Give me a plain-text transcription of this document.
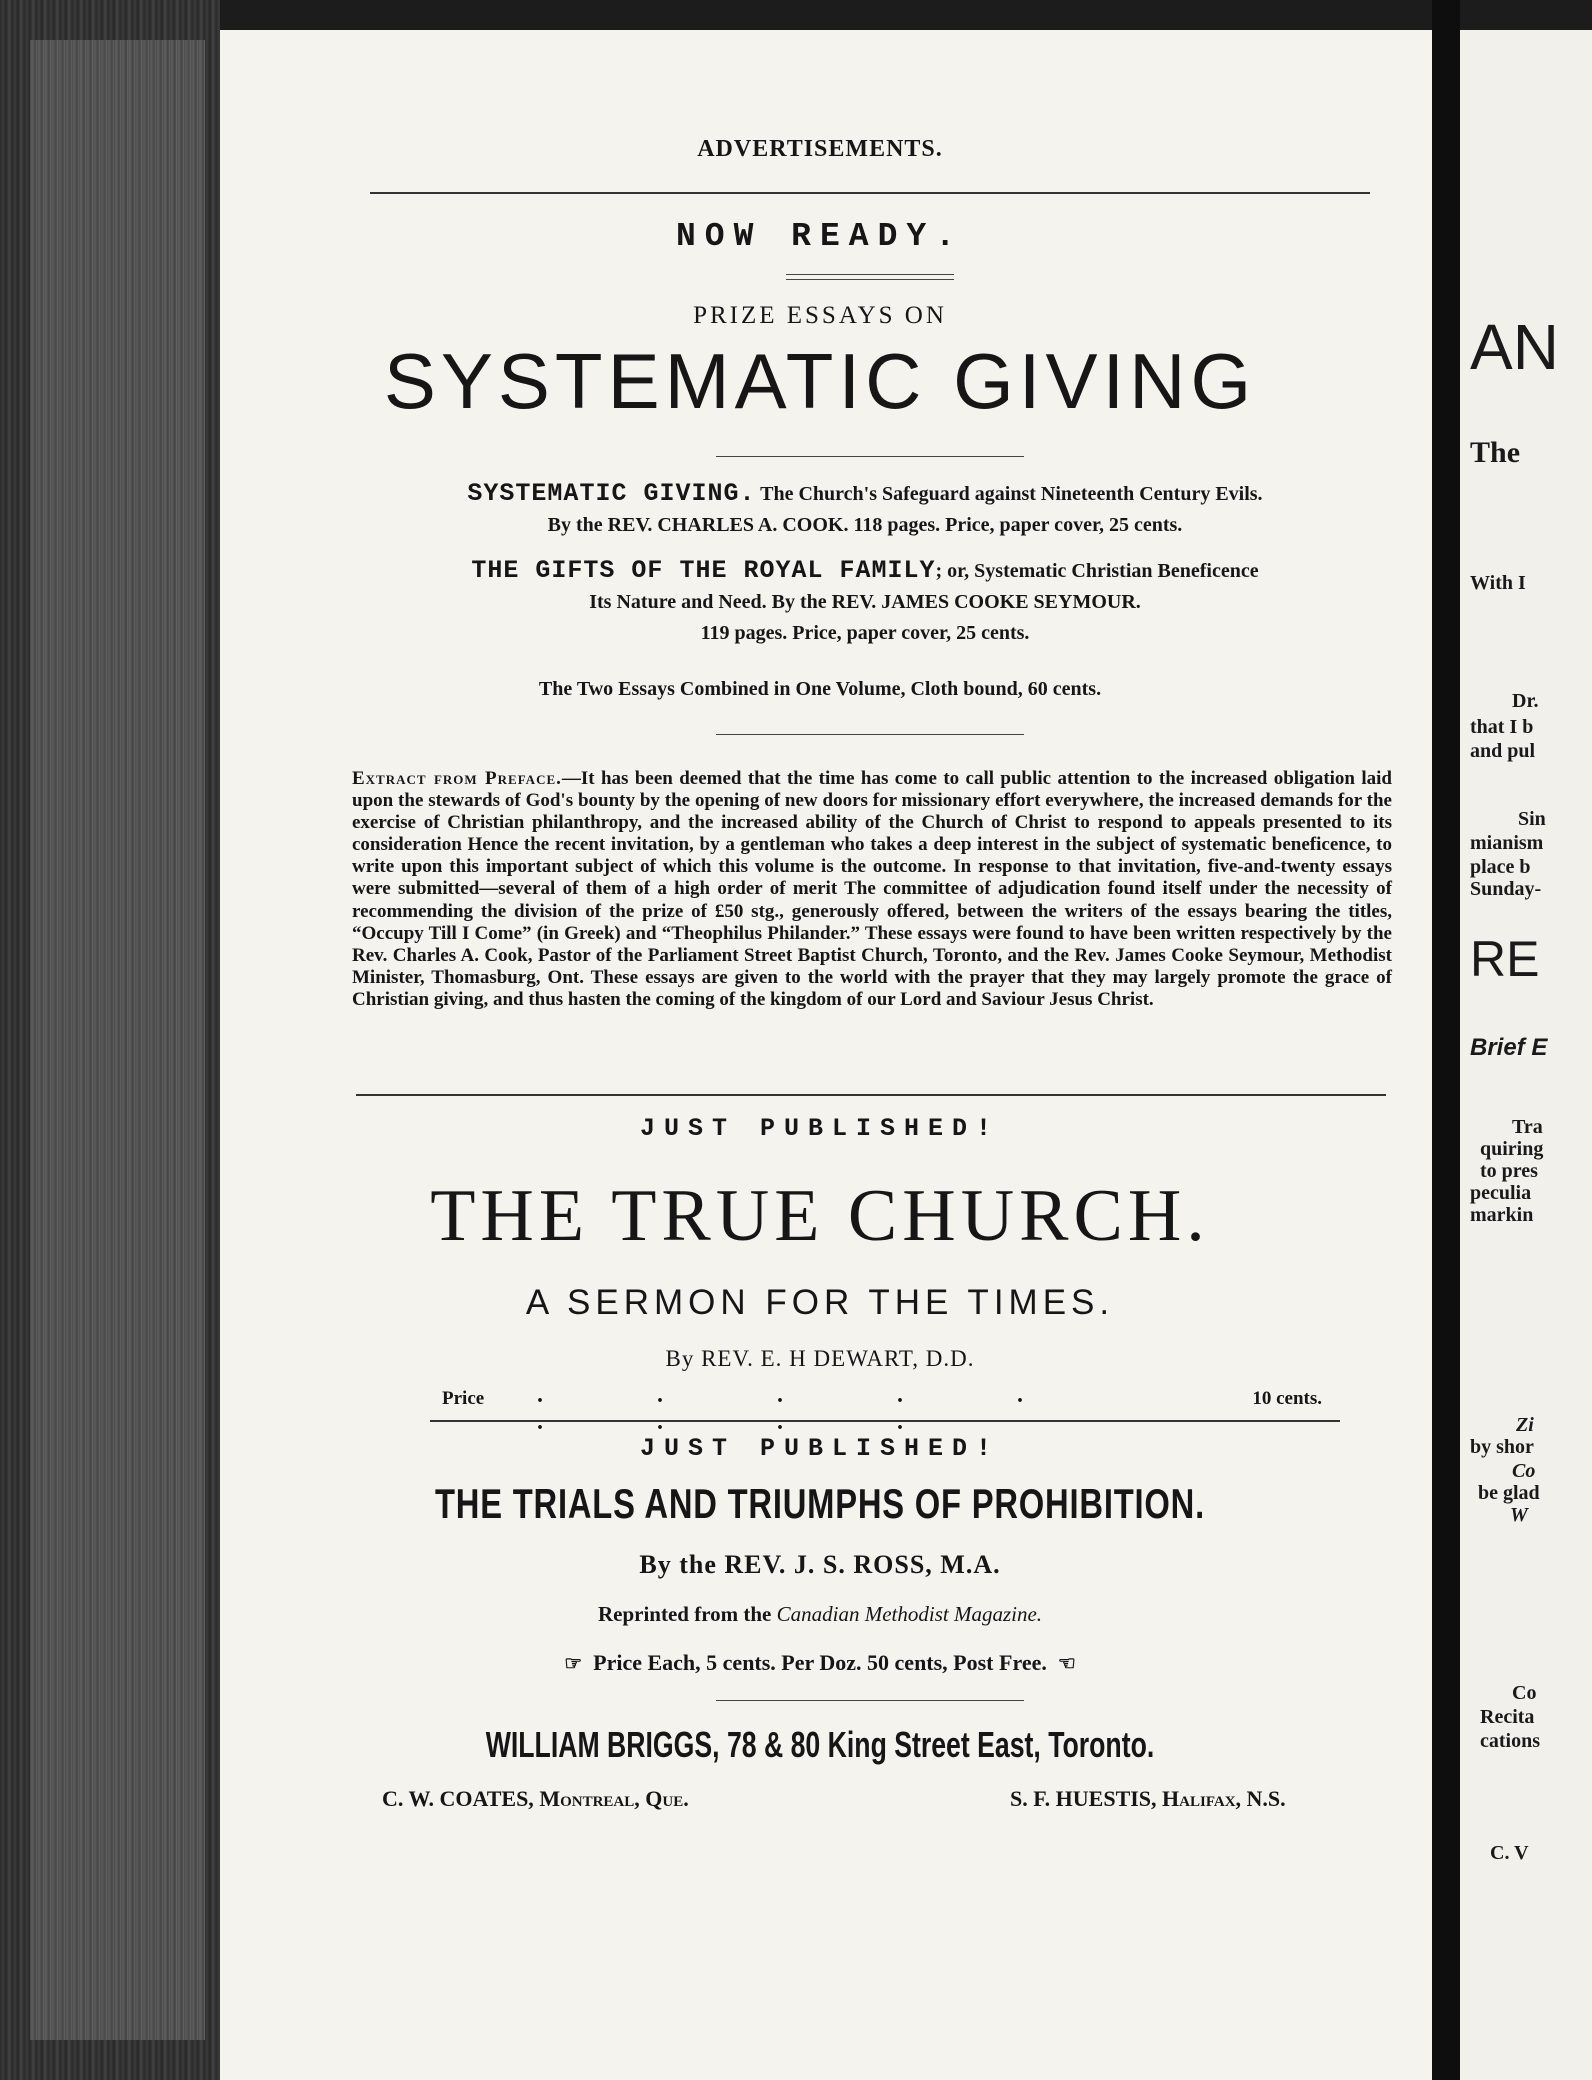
AN
The
With I
Dr.
that I b
and pul
Sin
mianism
place b
Sunday-
RE
Brief E
Tra
quiring
to pres
peculia
markin
Zi
by shor
Co
be glad
W
Co
Recita
cations
C. V
ADVERTISEMENTS.
NOW READY.
PRIZE ESSAYS ON
SYSTEMATIC GIVING
SYSTEMATIC GIVING. The Church's Safeguard against Nineteenth Century Evils.
By the REV. CHARLES A. COOK. 118 pages. Price, paper cover, 25 cents.
THE GIFTS OF THE ROYAL FAMILY; or, Systematic Christian Beneficence
Its Nature and Need. By the REV. JAMES COOKE SEYMOUR.
119 pages. Price, paper cover, 25 cents.
The Two Essays Combined in One Volume, Cloth bound, 60 cents.
Extract from Preface.—It has been deemed that the time has come to call public attention to the increased obligation laid upon the stewards of God's bounty by the opening of new doors for missionary effort everywhere, the increased demands for the exercise of Christian philanthropy, and the increased ability of the Church of Christ to respond to appeals presented to its consideration Hence the recent invitation, by a gentleman who takes a deep interest in the subject of systematic beneficence, to write upon this important subject of which this volume is the outcome. In response to that invitation, five-and-twenty essays were submitted—several of them of a high order of merit The committee of adjudication found itself under the necessity of recommending the division of the prize of £50 stg., generously offered, between the writers of the essays bearing the titles, “Occupy Till I Come” (in Greek) and “Theophilus Philander.” These essays were found to have been written respectively by the Rev. Charles A. Cook, Pastor of the Parliament Street Baptist Church, Toronto, and the Rev. James Cooke Seymour, Methodist Minister, Thomasburg, Ont. These essays are given to the world with the prayer that they may largely promote the grace of Christian giving, and thus hasten the coming of the kingdom of our Lord and Saviour Jesus Christ.
JUST PUBLISHED!
THE TRUE CHURCH.
A SERMON FOR THE TIMES.
By REV. E. H DEWART, D.D.
Price . . . . . . . . .
10 cents.
JUST PUBLISHED!
THE TRIALS AND TRIUMPHS OF PROHIBITION.
By the REV. J. S. ROSS, M.A.
Reprinted from the Canadian Methodist Magazine.
☞ Price Each, 5 cents. Per Doz. 50 cents, Post Free. ☜
WILLIAM BRIGGS, 78 & 80 King Street East, Toronto.
C. W. COATES, Montreal, Que.	S. F. HUESTIS, Halifax, N.S.
